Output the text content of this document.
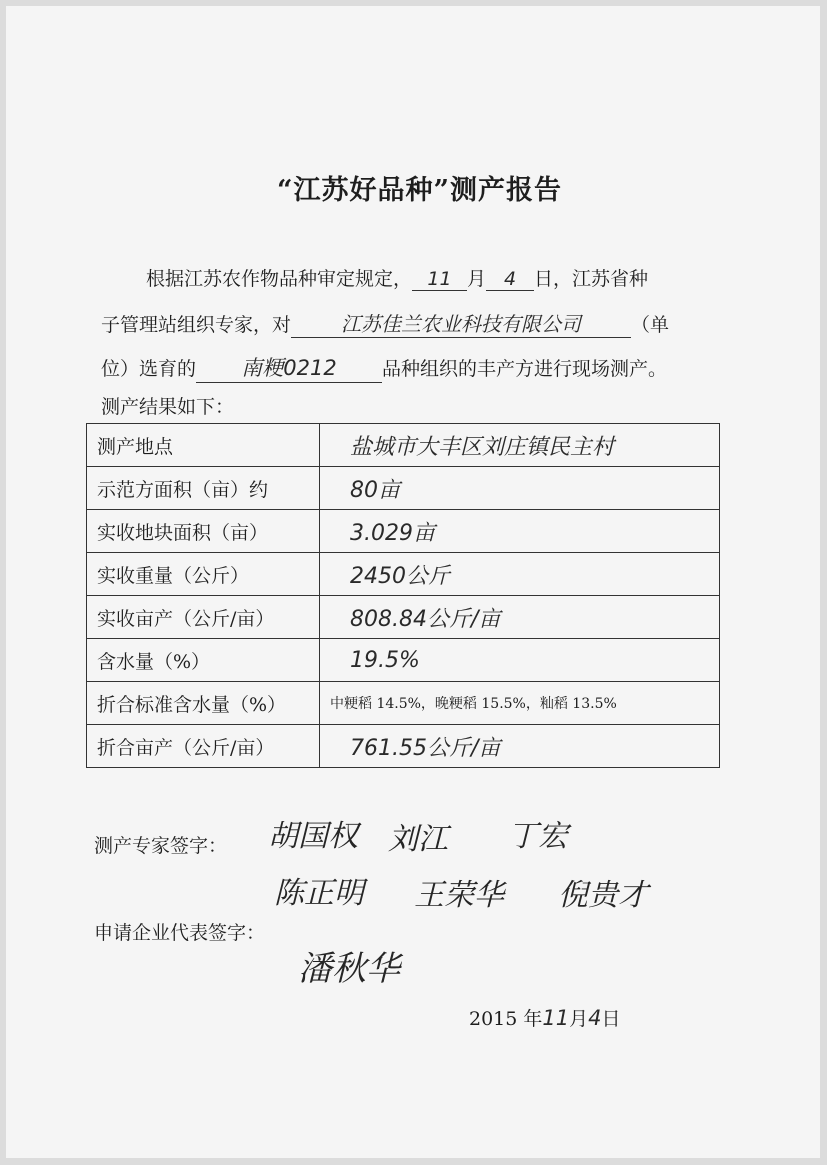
“江苏好品种”测产报告
根据江苏农作物品种审定规定， 11 月 4 日，江苏省种
子管理站组织专家，对	江苏佳兰农业科技有限公司	（单
位）选育的 南粳0212 品种组织的丰产方进行现场测产。
测产结果如下：
测产地点	盐城市大丰区刘庄镇民主村
示范方面积（亩）约	80亩
实收地块面积（亩）	3.029亩
实收重量（公斤）	2450公斤
实收亩产（公斤/亩）	808.84公斤/亩
含水量（%）	19.5%
折合标准含水量（%）	中粳稻 14.5%，晚粳稻 15.5%，籼稻 13.5%
折合亩产（公斤/亩）	761.55公斤/亩
测产专家签字： 胡国权 刘江 丁宏
陈正明 王荣华 倪贵才
申请企业代表签字：
潘秋华
2015 年11月4日
